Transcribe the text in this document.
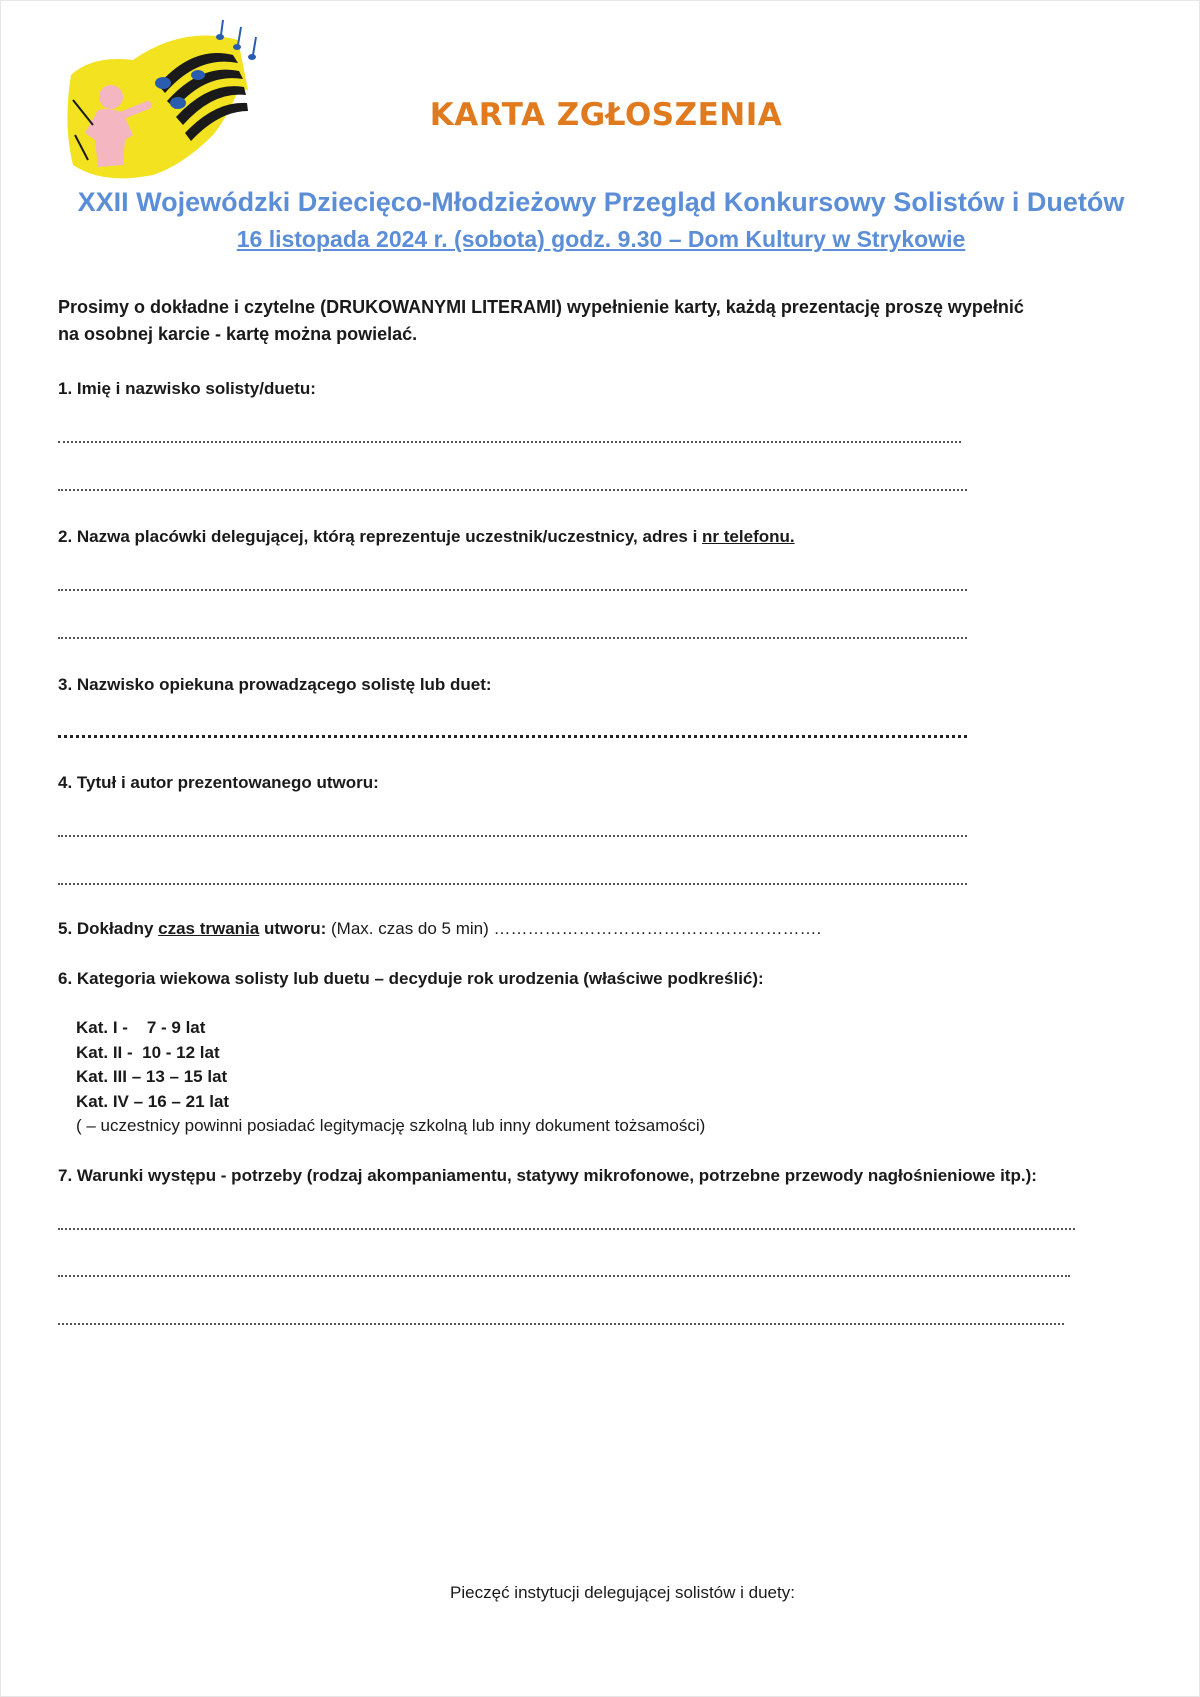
KARTA ZGŁOSZENIA
XXII Wojewódzki Dziecięco-Młodzieżowy Przegląd Konkursowy Solistów i Duetów
16 listopada 2024 r. (sobota) godz. 9.30 – Dom Kultury w Strykowie
Prosimy o dokładne i czytelne (DRUKOWANYMI LITERAMI) wypełnienie karty, każdą prezentację proszę wypełnić
na osobnej karcie - kartę można powielać.
1. Imię i nazwisko solisty/duetu:
2. Nazwa placówki delegującej, którą reprezentuje uczestnik/uczestnicy, adres i nr telefonu.
3. Nazwisko opiekuna prowadzącego solistę lub duet:
4. Tytuł i autor prezentowanego utworu:
5. Dokładny czas trwania utworu: (Max. czas do 5 min) ………………………………………………….
6. Kategoria wiekowa solisty lub duetu – decyduje rok urodzenia (właściwe podkreślić):
Kat. I -    7 - 9 lat
Kat. II -  10 - 12 lat
Kat. III – 13 – 15 lat
Kat. IV – 16 – 21 lat
( – uczestnicy powinni posiadać legitymację szkolną lub inny dokument tożsamości)
7. Warunki występu - potrzeby (rodzaj akompaniamentu, statywy mikrofonowe, potrzebne przewody nagłośnieniowe itp.):
Pieczęć instytucji delegującej solistów i duety:
